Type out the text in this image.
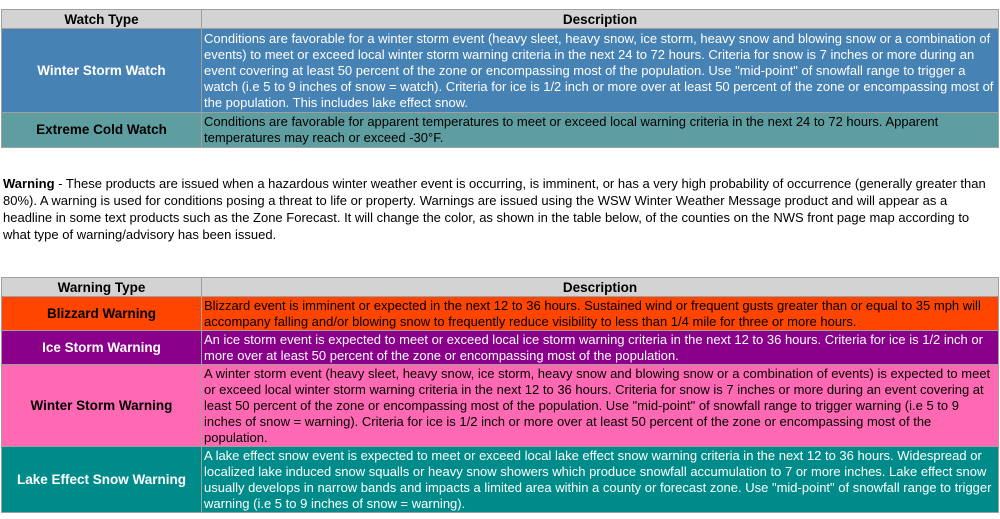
Watch Type	Description
Winter Storm Watch	Conditions are favorable for a winter storm event (heavy sleet, heavy snow, ice storm, heavy snow and blowing snow or a combination of events) to meet or exceed local winter storm warning criteria in the next 24 to 72 hours. Criteria for snow is 7 inches or more during an event covering at least 50 percent of the zone or encompassing most of the population. Use "mid-point" of snowfall range to trigger a watch (i.e 5 to 9 inches of snow = watch). Criteria for ice is 1/2 inch or more over at least 50 percent of the zone or encompassing most of the population. This includes lake effect snow.
Extreme Cold Watch	Conditions are favorable for apparent temperatures to meet or exceed local warning criteria in the next 24 to 72 hours. Apparent temperatures may reach or exceed -30°F.
Warning - These products are issued when a hazardous winter weather event is occurring, is imminent, or has a very high probability of occurrence (generally greater than 80%). A warning is used for conditions posing a threat to life or property. Warnings are issued using the WSW Winter Weather Message product and will appear as a headline in some text products such as the Zone Forecast. It will change the color, as shown in the table below, of the counties on the NWS front page map according to what type of warning/advisory has been issued.
Warning Type	Description
Blizzard Warning	Blizzard event is imminent or expected in the next 12 to 36 hours. Sustained wind or frequent gusts greater than or equal to 35 mph will accompany falling and/or blowing snow to frequently reduce visibility to less than 1/4 mile for three or more hours.
Ice Storm Warning	An ice storm event is expected to meet or exceed local ice storm warning criteria in the next 12 to 36 hours. Criteria for ice is 1/2 inch or more over at least 50 percent of the zone or encompassing most of the population.
Winter Storm Warning	A winter storm event (heavy sleet, heavy snow, ice storm, heavy snow and blowing snow or a combination of events) is expected to meet or exceed local winter storm warning criteria in the next 12 to 36 hours. Criteria for snow is 7 inches or more during an event covering at least 50 percent of the zone or encompassing most of the population. Use "mid-point" of snowfall range to trigger warning (i.e 5 to 9 inches of snow = warning). Criteria for ice is 1/2 inch or more over at least 50 percent of the zone or encompassing most of the population.
Lake Effect Snow Warning	A lake effect snow event is expected to meet or exceed local lake effect snow warning criteria in the next 12 to 36 hours. Widespread or localized lake induced snow squalls or heavy snow showers which produce snowfall accumulation to 7 or more inches. Lake effect snow usually develops in narrow bands and impacts a limited area within a county or forecast zone. Use "mid-point" of snowfall range to trigger warning (i.e 5 to 9 inches of snow = warning).
